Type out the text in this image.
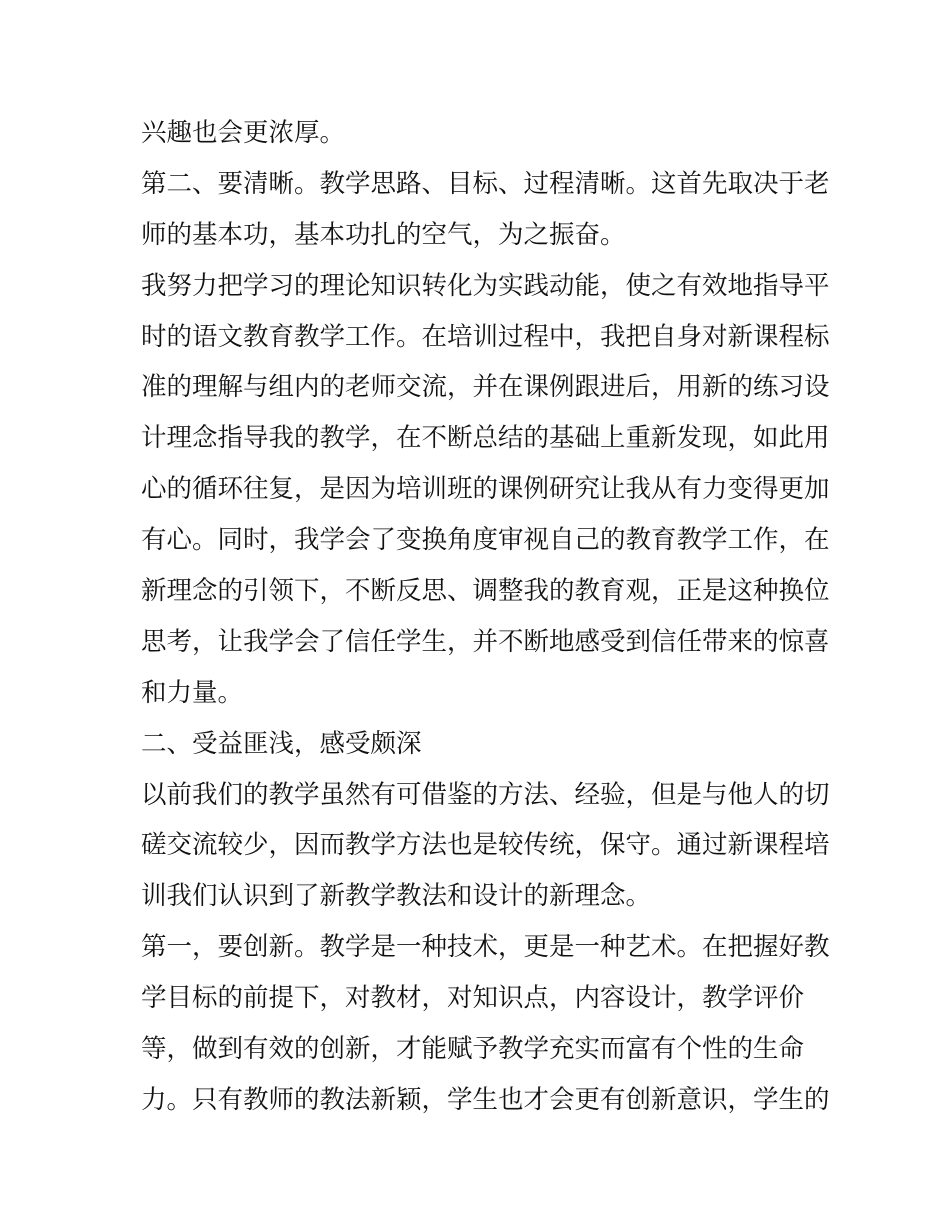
兴趣也会更浓厚。
第二、要清晰。教学思路、目标、过程清晰。这首先取决于老
师的基本功，基本功扎的空气，为之振奋。
我努力把学习的理论知识转化为实践动能，使之有效地指导平
时的语文教育教学工作。在培训过程中，我把自身对新课程标
准的理解与组内的老师交流，并在课例跟进后，用新的练习设
计理念指导我的教学，在不断总结的基础上重新发现，如此用
心的循环往复，是因为培训班的课例研究让我从有力变得更加
有心。同时，我学会了变换角度审视自己的教育教学工作，在
新理念的引领下，不断反思、调整我的教育观，正是这种换位
思考，让我学会了信任学生，并不断地感受到信任带来的惊喜
和力量。
二、受益匪浅，感受颇深
以前我们的教学虽然有可借鉴的方法、经验，但是与他人的切
磋交流较少，因而教学方法也是较传统，保守。通过新课程培
训我们认识到了新教学教法和设计的新理念。
第一，要创新。教学是一种技术，更是一种艺术。在把握好教
学目标的前提下，对教材，对知识点，内容设计，教学评价
等，做到有效的创新，才能赋予教学充实而富有个性的生命
力。只有教师的教法新颖，学生也才会更有创新意识，学生的
